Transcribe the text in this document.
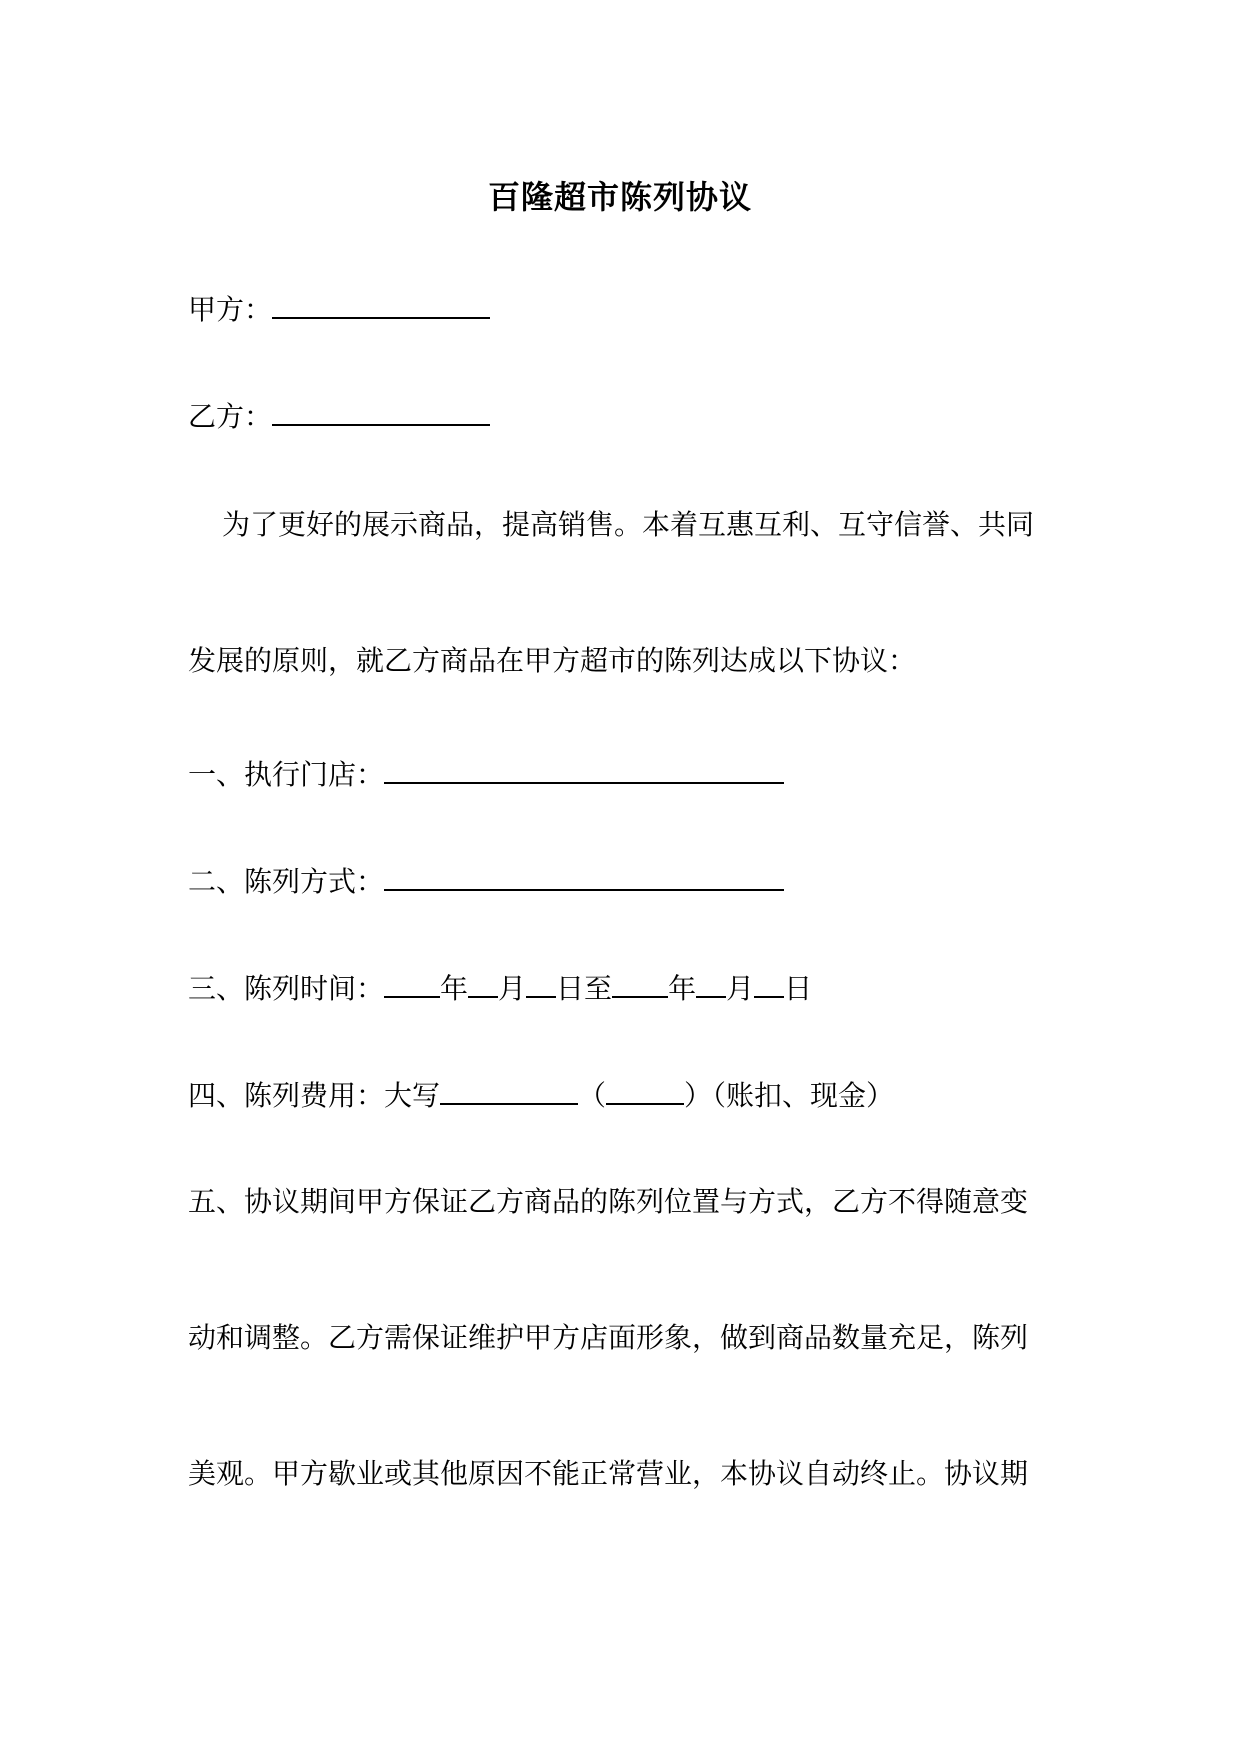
百隆超市陈列协议
甲方：
乙方：
为了更好的展示商品，提高销售。本着互惠互利、互守信誉、共同
发展的原则，就乙方商品在甲方超市的陈列达成以下协议：
一、执行门店：
二、陈列方式：
三、陈列时间： 年 月 日至 年 月 日
四、陈列费用：大写	（	）（账扣、现金）
五、协议期间甲方保证乙方商品的陈列位置与方式，乙方不得随意变
动和调整。乙方需保证维护甲方店面形象，做到商品数量充足，陈列
美观。甲方歇业或其他原因不能正常营业，本协议自动终止。协议期
